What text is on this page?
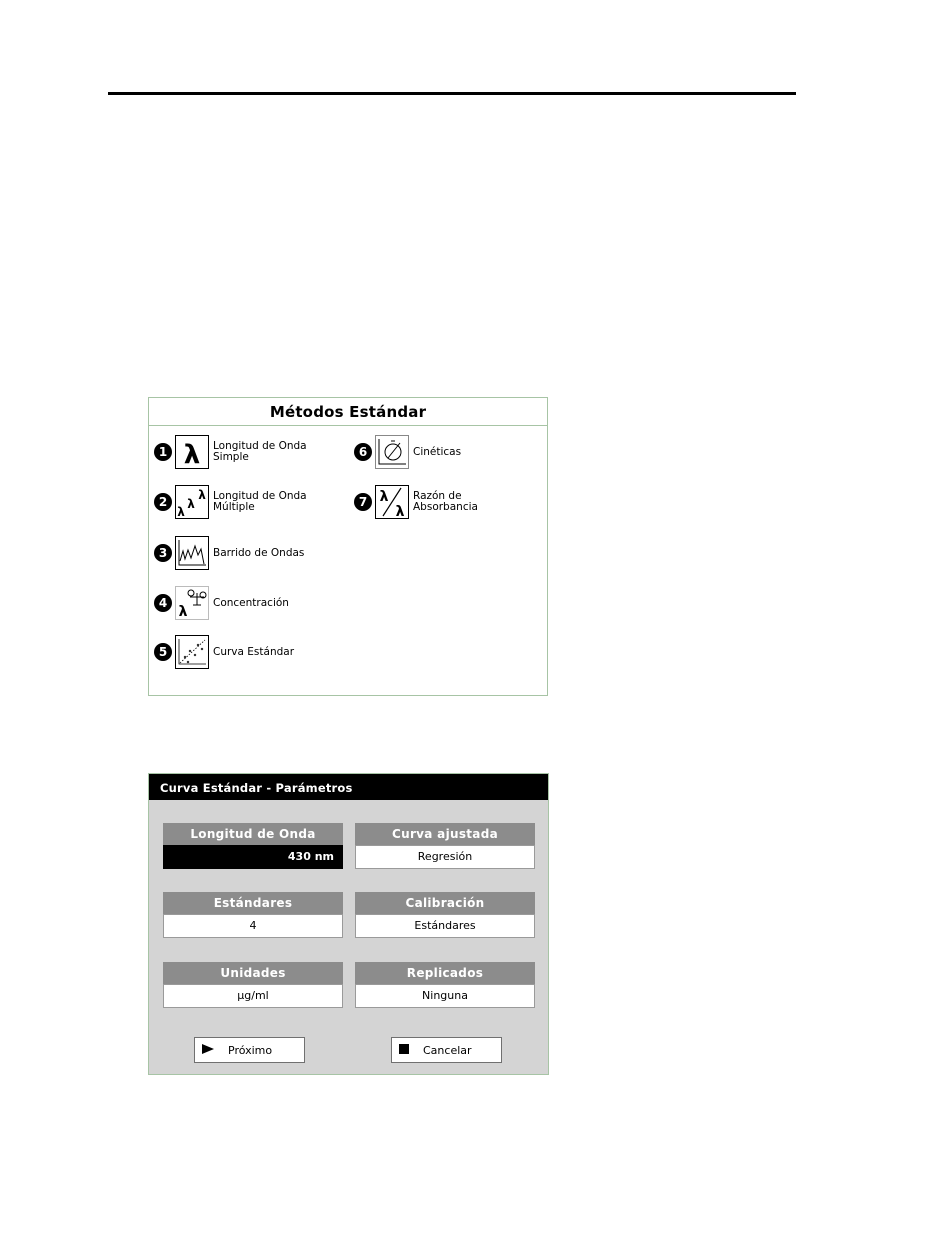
Métodos Estándar
1 λ Longitud de Onda
Simple
2
λ
λ
λ Longitud de Onda
Múltiple
3	Barrido de Ondas
4
λ
Concentración
5	Curva Estándar
6	Cinéticas
7 λ
λ
Razón de
Absorbancia
Curva Estándar - Parámetros
Longitud de Onda
430 nm
Curva ajustada
Regresión
Estándares
4
Calibración
Estándares
Unidades
µg/ml
Replicados
Ninguna
Próximo	Cancelar
